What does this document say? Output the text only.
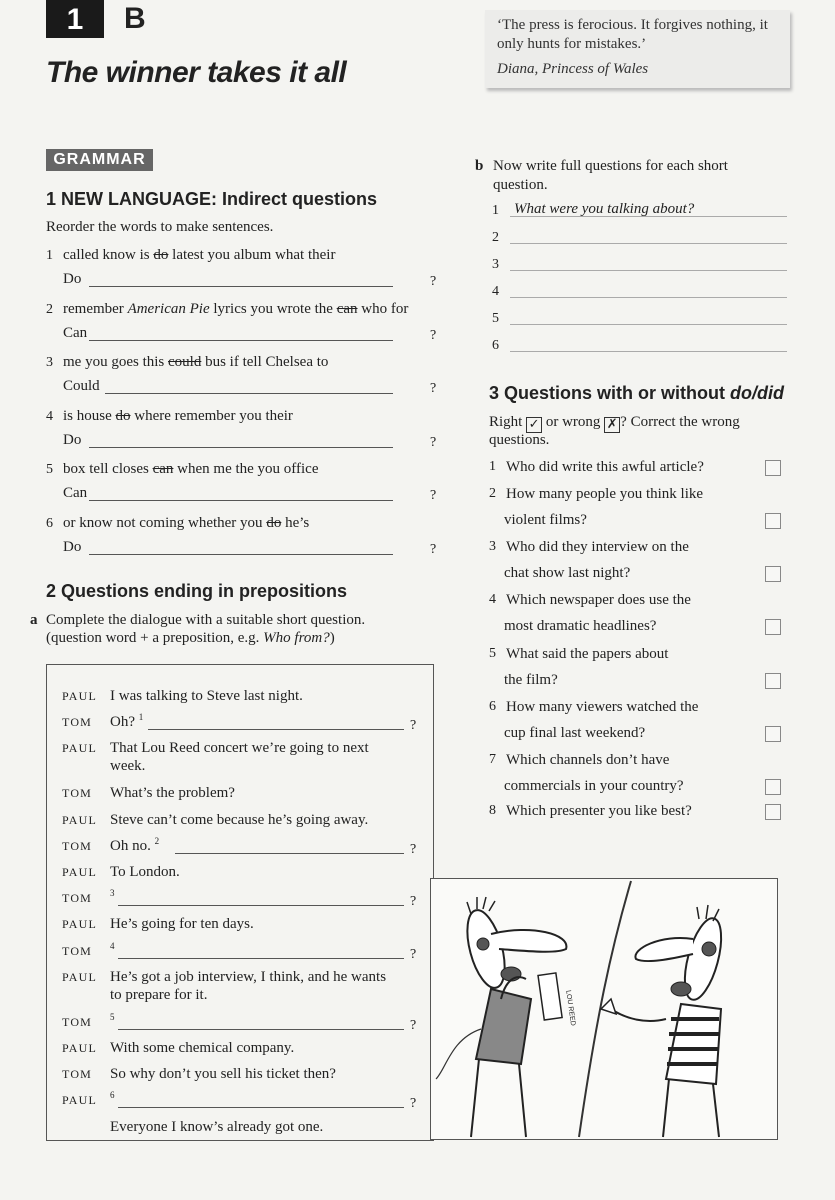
1	B
The winner takes it all
‘The press is ferocious. It forgives nothing, it only hunts for mistakes.’
Diana, Princess of Wales
GRAMMAR
1 NEW LANGUAGE: Indirect questions
Reorder the words to make sentences.
1 called know is do latest you album what their
Do	?
2 remember American Pie lyrics you wrote the can who for
Can	?
3 me you goes this could bus if tell Chelsea to
Could	?
4 is house do where remember you their
Do	?
5 box tell closes can when me the you office
Can	?
6 or know not coming whether you do he’s
Do	?
2 Questions ending in prepositions
a Complete the dialogue with a suitable short question.
(question word + a preposition, e.g. Who from?)
PAUL I was talking to Steve last night.
TOM Oh? $^1$
?
PAUL That Lou Reed concert we’re going to next
week.
TOM What’s the problem?
PAUL Steve can’t come because he’s going away.
TOM Oh no. $^2$
?
PAUL To London.
TOM $^3$
?
PAUL He’s going for ten days.
TOM $^4$
?
PAUL He’s got a job interview, I think, and he wants
to prepare for it.
TOM $^5$
?
PAUL With some chemical company.
TOM So why don’t you sell his ticket then?
PAUL $^6$
?
Everyone I know’s already got one.
b Now write full questions for each short
question.
1 What were you talking about?
2
3
4
5
6
3 Questions with or without do/did
Right ✓ or wrong ✗ ? Correct the wrong
questions.
1 Who did write this awful article?
2 How many people you think like
violent films?
3 Who did they interview on the
chat show last night?
4 Which newspaper does use the
most dramatic headlines?
5 What said the papers about
the film?
6 How many viewers watched the
cup final last weekend?
7 Which channels don’t have
commercials in your country?
8 Which presenter you like best?
LOU REED
